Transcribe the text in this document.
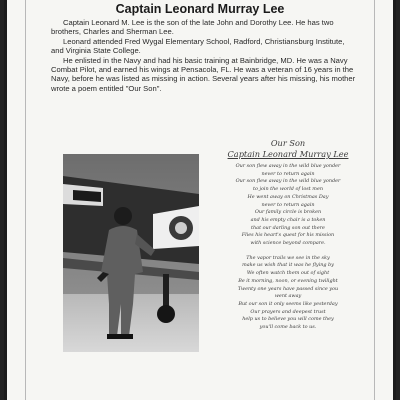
Captain Leonard Murray Lee

Captain Leonard M. Lee is the son of the late John and Dorothy Lee. He has two brothers, Charles and Sherman Lee.

Leonard attended Fred Wygal Elementary School, Radford, Christiansburg Institute, and Virginia State College.

He enlisted in the Navy and had his basic training at Bainbridge, MD. He was a Navy Combat Pilot, and earned his wings at Pensacola, FL. He was a veteran of 16 years in the Navy, before he was listed as missing in action. Several years after his missing, his mother wrote a poem entitled "Our Son".

Our Son
Captain Leonard Murray Lee
Our son flew away in the wild blue yonder
never to return again
Our son flew away in the wild blue yonder
to join the world of lost men
He went away on Christmas Day
never to return again
Our family circle is broken
and his empty chair is a token
that our darling son out there
Flies his heart's quest for his mission
with science beyond compare.
The vapor trails we see in the sky
make us wish that it was he flying by
We often watch them out of sight
Be it morning, noon, or evening twilight
Twenty one years have passed since you
went away
But our son it only seems like yesterday
Our prayers and deepest trust
help us to believe you will come they
you'll come back to us.
